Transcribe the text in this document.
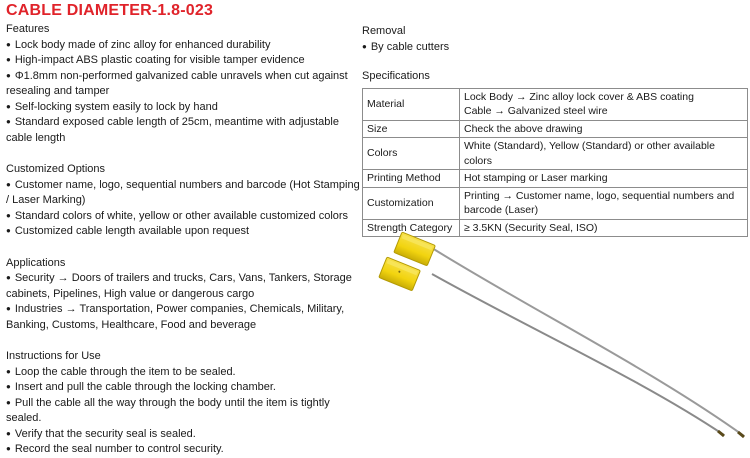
CABLE DIAMETER-1.8-023
Features
● Lock body made of zinc alloy for enhanced durability
● High-impact ABS plastic coating for visible tamper evidence
● Φ1.8mm non-performed galvanized cable unravels when cut against resealing and tamper
● Self-locking system easily to lock by hand
● Standard exposed cable length of 25cm, meantime with adjustable cable length
Customized Options
● Customer name, logo, sequential numbers and barcode (Hot Stamping / Laser Marking)
● Standard colors of white, yellow or other available customized colors
● Customized cable length available upon request
Applications
● Security → Doors of trailers and trucks, Cars, Vans, Tankers, Storage cabinets, Pipelines, High value or dangerous cargo
● Industries → Transportation, Power companies, Chemicals, Military, Banking, Customs, Healthcare, Food and beverage
Instructions for Use
● Loop the cable through the item to be sealed.
● Insert and pull the cable through the locking chamber.
● Pull the cable all the way through the body until the item is tightly sealed.
● Verify that the security seal is sealed.
● Record the seal number to control security.
Removal
● By cable cutters
Specifications
Material	Lock Body → Zinc alloy lock cover & ABS coating
Cable → Galvanized steel wire

Size	Check the above drawing
Colors	White (Standard), Yellow (Standard) or other available colors
Printing Method	Hot stamping or Laser marking
Customization	Printing → Customer name, logo, sequential numbers and
barcode (Laser)

Strength Category	≥ 3.5KN (Security Seal, ISO)
